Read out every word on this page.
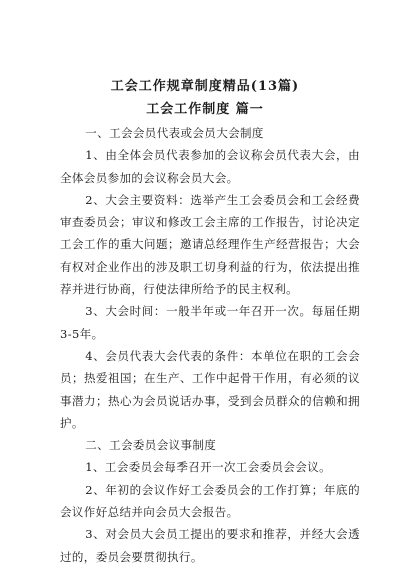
工会工作规章制度精品(13篇)
工会工作制度 篇一

一、工会会员代表或会员大会制度

1、由全体会员代表参加的会议称会员代表大会，由全体会员参加的会议称会员大会。

2、大会主要资料：选举产生工会委员会和工会经费审查委员会；审议和修改工会主席的工作报告，讨论决定工会工作的重大问题；邀请总经理作生产经营报告；大会有权对企业作出的涉及职工切身利益的行为，依法提出推荐并进行协商，行使法律所给予的民主权利。

3、大会时间：一般半年或一年召开一次。每届任期3-5年。

4、会员代表大会代表的条件：本单位在职的工会会员；热爱祖国；在生产、工作中起骨干作用，有必须的议事潜力；热心为会员说话办事，受到会员群众的信赖和拥护。

二、工会委员会议事制度

1、工会委员会每季召开一次工会委员会会议。

2、年初的会议作好工会委员会的工作打算；年底的会议作好总结并向会员大会报告。

3、对会员大会员工提出的要求和推荐，并经大会透过的，委员会要贯彻执行。
